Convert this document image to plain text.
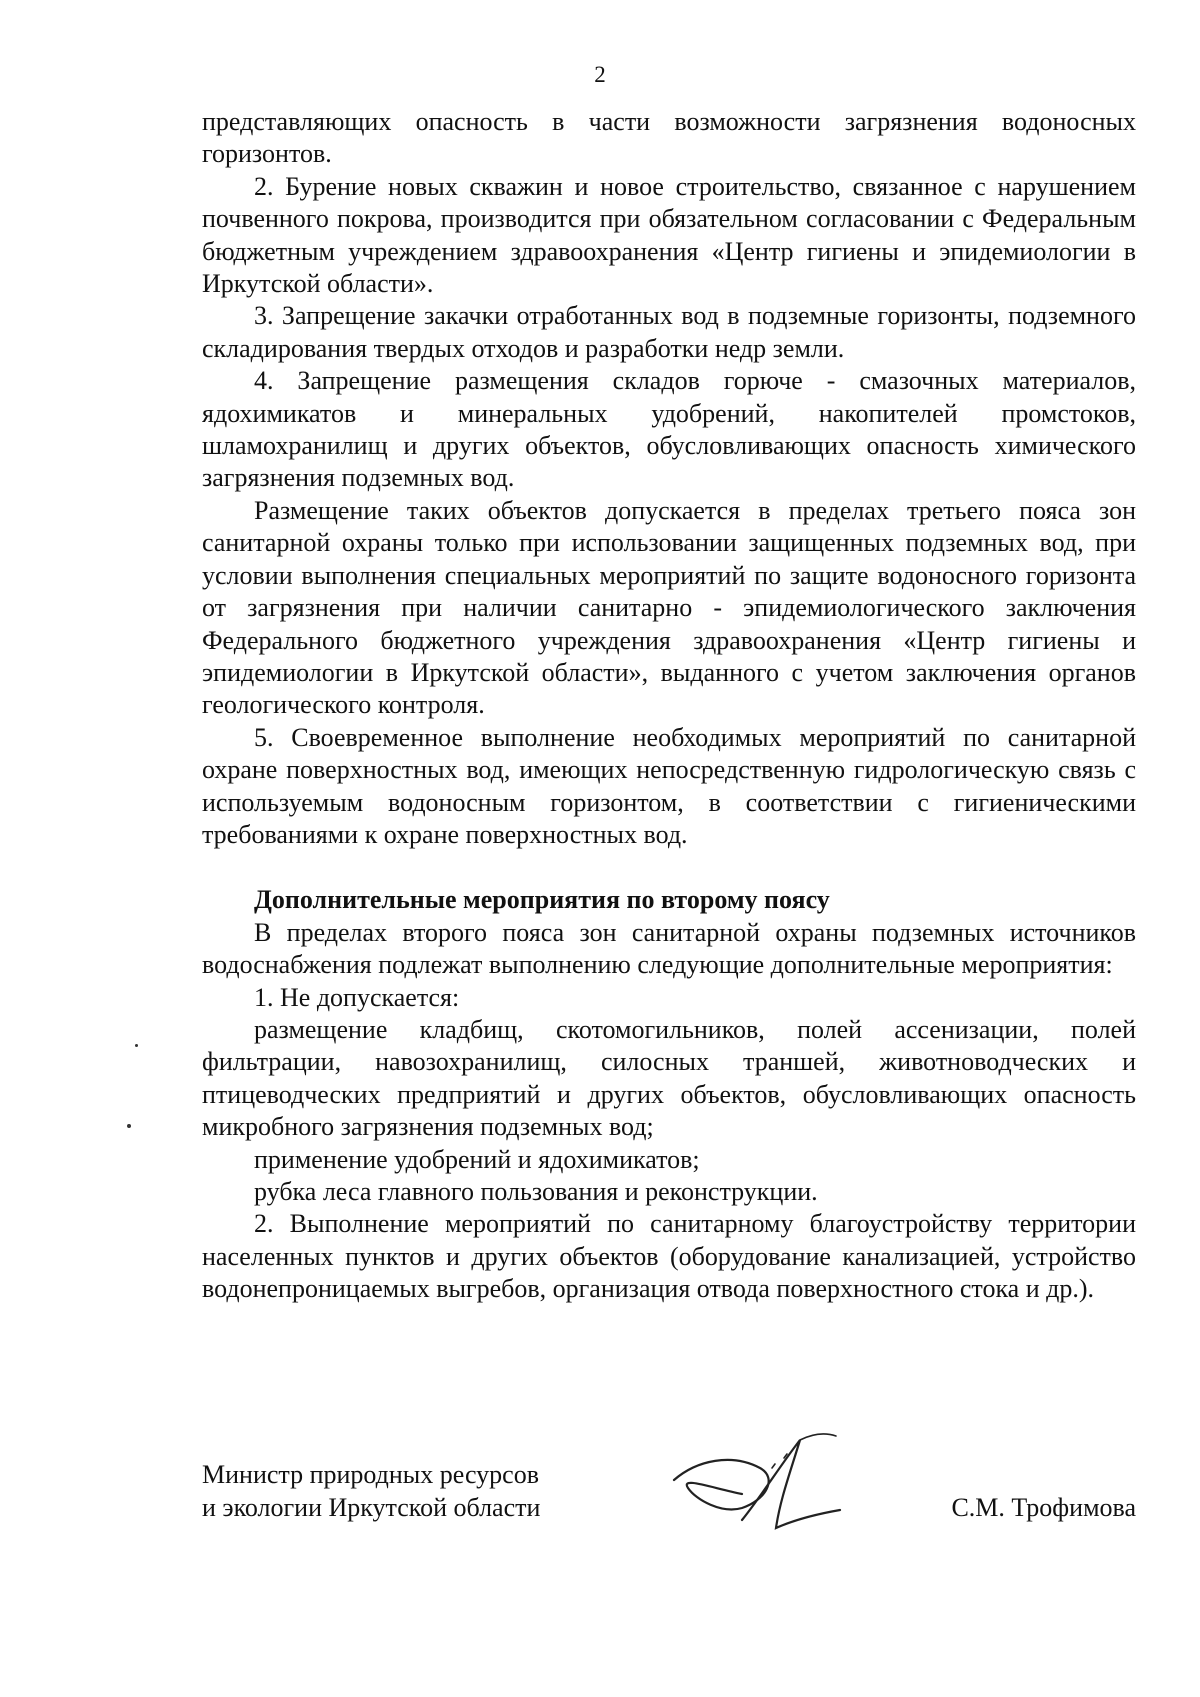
2

представляющих опасность в части возможности загрязнения водоносных горизонтов.

2. Бурение новых скважин и новое строительство, связанное с нарушением почвенного покрова, производится при обязательном согласовании с Федеральным бюджетным учреждением здравоохранения «Центр гигиены и эпидемиологии в Иркутской области».

3. Запрещение закачки отработанных вод в подземные горизонты, подземного складирования твердых отходов и разработки недр земли.

4. Запрещение размещения складов горюче - смазочных материалов, ядохимикатов и минеральных удобрений, накопителей промстоков, шламохранилищ и других объектов, обусловливающих опасность химического загрязнения подземных вод.

Размещение таких объектов допускается в пределах третьего пояса зон санитарной охраны только при использовании защищенных подземных вод, при условии выполнения специальных мероприятий по защите водоносного горизонта от загрязнения при наличии санитарно - эпидемиологического заключения Федерального бюджетного учреждения здравоохранения «Центр гигиены и эпидемиологии в Иркутской области», выданного с учетом заключения органов геологического контроля.

5. Своевременное выполнение необходимых мероприятий по санитарной охране поверхностных вод, имеющих непосредственную гидрологическую связь с используемым водоносным горизонтом, в соответствии с гигиеническими требованиями к охране поверхностных вод.

Дополнительные мероприятия по второму поясу

В пределах второго пояса зон санитарной охраны подземных источников водоснабжения подлежат выполнению следующие дополнительные мероприятия:

1. Не допускается:

размещение кладбищ, скотомогильников, полей ассенизации, полей фильтрации, навозохранилищ, силосных траншей, животноводческих и птицеводческих предприятий и других объектов, обусловливающих опасность микробного загрязнения подземных вод;

применение удобрений и ядохимикатов;

рубка леса главного пользования и реконструкции.

2. Выполнение мероприятий по санитарному благоустройству территории населенных пунктов и других объектов (оборудование канализацией, устройство водонепроницаемых выгребов, организация отвода поверхностного стока и др.).

Министр природных ресурсов
и экологии Иркутской области	С.М. Трофимова
